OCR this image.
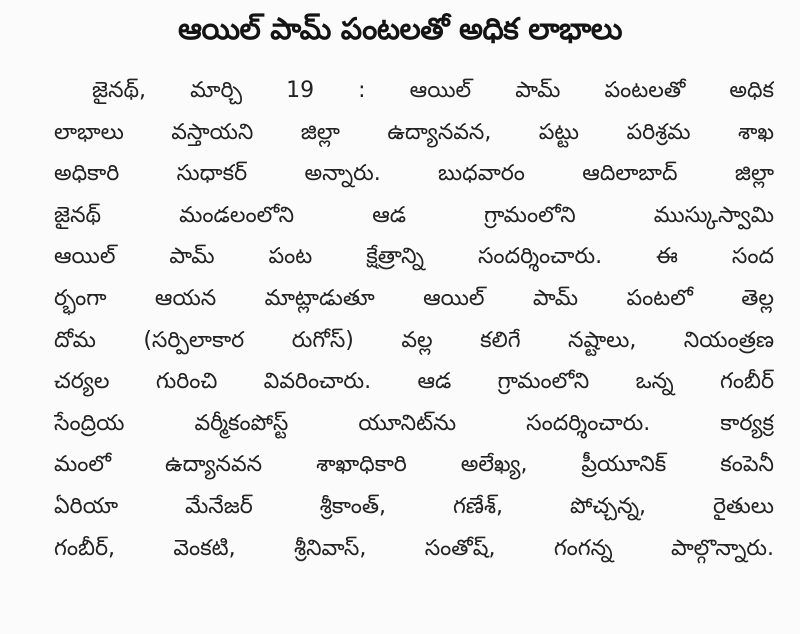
ఆయిల్ పామ్ పంటలతో అధిక లాభాలు
జైనథ్, మార్చి 19 : ఆయిల్ పామ్ పంటలతో అధిక
లాభాలు వస్తాయని జిల్లా ఉద్యానవన, పట్టు పరిశ్రమ శాఖ
అధికారి సుధాకర్ అన్నారు. బుధవారం ఆదిలాబాద్ జిల్లా
జైనథ్ మండలంలోని ఆడ గ్రామంలోని ముస్కుస్వామి
ఆయిల్ పామ్ పంట క్షేత్రాన్ని సందర్శించారు. ఈ సంద
ర్భంగా ఆయన మాట్లాడుతూ ఆయిల్ పామ్ పంటలో తెల్ల
దోమ (సర్పిలాకార రుగోస్) వల్ల కలిగే నష్టాలు, నియంత్రణ
చర్యల గురించి వివరించారు. ఆడ గ్రామంలోని ఒన్న గంబీర్
సేంద్రియ వర్మీకంపోస్ట్ యూనిట్‌ను సందర్శించారు. కార్యక్ర
మంలో ఉద్యానవన శాఖాధికారి అలేఖ్య, ప్రీయూనిక్ కంపెనీ
ఏరియా మేనేజర్ శ్రీకాంత్, గణేశ్, పోచ్చన్న, రైతులు
గంబీర్, వెంకటి, శ్రీనివాస్, సంతోష్, గంగన్న పాల్గొన్నారు.
